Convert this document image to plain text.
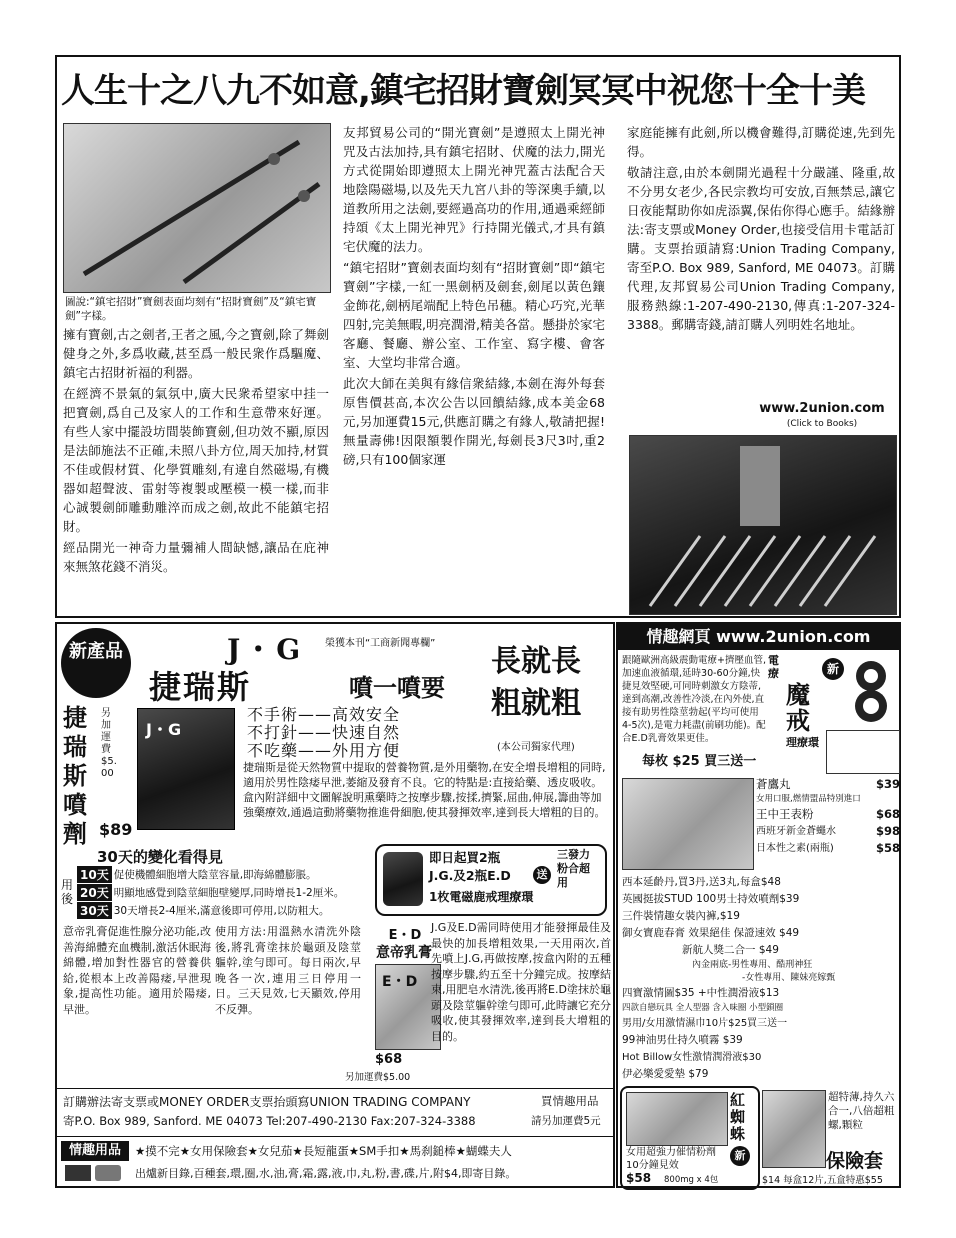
人生十之八九不如意,鎮宅招財寶劍冥冥中祝您十全十美
圖說:“鎮宅招財”寶劍表面均刻有“招財寶劍”及“鎮宅寶劍”字樣。

擁有寶劍,古之劍者,王者之風,今之寶劍,除了舞劍健身之外,多爲收藏,甚至爲一般民衆作爲驅魔、鎮宅古招財祈福的利器。

在經濟不景氣的氣氛中,廣大民衆希望家中挂一把寶劍,爲自己及家人的工作和生意帶來好運。有些人家中擺設坊間裝飾寶劍,但功效不顯,原因是法師施法不正確,未照八卦方位,周天加持,材質不佳或假材質、化學質雕刻,有違自然磁場,有機器如超聲波、雷射等複製或壓模一模一樣,而非心誠製劍師雕動雕淬而成之劍,故此不能鎮宅招財。

經品開光一神奇力量彌補人間缺憾,讓品在庇神來無煞花錢不消災。

友邦貿易公司的“開光寶劍”是遵照太上開光神咒及古法加持,具有鎮宅招財、伏魔的法力,開光方式從開始即遵照太上開光神咒蓋古法配合天地陰陽磁場,以及先天九宮八卦的等深奧手續,以道教所用之法劍,要經過高功的作用,通過乘經師持頌《太上開光神咒》行持開光儀式,才具有鎮宅伏魔的法力。

“鎮宅招財”寶劍表面均刻有“招財寶劍”即“鎮宅寶劍”字樣,一紅一黑劍柄及劍套,劍尾以黃色鑲金飾花,劍柄尾端配上特色吊穗。精心巧究,光華四射,完美無暇,明亮潤滑,精美各當。懸掛於家宅客廳、餐廳、辦公室、工作室、寫字樓、會客室、大堂均非常合適。

此次大師在美與有緣信衆結緣,本劍在海外每套原售價甚高,本次公告以回饋結緣,成本美金68元,另加運費15元,供應訂購之有緣人,敬請把握!無量壽佛!因限額製作開光,每劍長3尺3吋,重2磅,只有100個家運

家庭能擁有此劍,所以機會難得,訂購從速,先到先得。

敬請注意,由於本劍開光過程十分嚴謹、隆重,故不分男女老少,各民宗教均可安放,百無禁忌,讓它日夜能幫助你如虎添翼,保佑你得心應手。結緣辦法:寄支票或Money Order,也接受信用卡電話訂購。支票抬頭請寫:Union Trading Company,寄至P.O. Box 989, Sanford, ME 04073。訂購代理,友邦貿易公司Union Trading Company,服務熱線:1-207-490-2130,傳真:1-207-324-3388。郵購寄錢,請訂購人列明姓名地址。

www.2union.com
(Click to Books)
新產品	J・G 榮獲本刊“工商新聞專欄”
捷瑞斯	噴一噴要
長就長
粗就粗
捷瑞斯噴劑
另加運費$5.00
J・G
$89
不手術——高效安全
不打針——快速自然
不吃藥——外用方便	(本公司獨家代理)
捷瑞斯是從天然物質中提取的營養物質,是外用藥物,在安全增長增粗的同時,適用於男性陰痿早泄,萎縮及發育不良。它的特點是:直接給藥、透皮吸收。盒內附詳細中文圖解說明熏藥時之按摩步驟,按揉,擠緊,屈曲,伸展,籌曲等加強藥療效,通過這動將藥物推進骨細胞,使其發揮效率,達到長大增粗的目的。
30天的變化看得見
用後
10天 促使機體細胞增大陰莖容量,即海綿體膨脹。
20天 明顯地感覺到陰莖細胞壁變厚,同時增長1-2厘米。
30天 30天增長2-4厘米,滿意後即可停用,以防粗大。
即日起買2瓶
J.G.及2瓶E.D	送
1枚電磁鹿戒理療環
三發力粉合超用
意帝乳膏促進性腺分泌功能,改善海綿體充血機制,激活休眠海綿體,增加對性器官的營養供給,從根本上改善陽痿,早泄現象,提高性功能。適用於陽痿,早泄。
使用方法:用溫熱水清洗外陰後,將乳膏塗抹於龜頭及陰莖軀幹,塗勻即可。每日兩次,早晚各一次,連用三日停用一日。三天見效,七天顯效,停用不反彈。
E・D
意帝乳膏
E・D
$68
另加運費$5.00
J.G及E.D需同時使用才能發揮最佳及最快的加長增粗效果,一天用兩次,首先噴上J.G,再做按摩,按盒內附的五種按摩步驟,約五至十分鐘完成。按摩結束,用肥皂水清洗,後再將E.D塗抹於龜頭及陰莖軀幹塗勻即可,此時讓它充分吸收,使其發揮效率,達到長大增粗的目的。
訂購辦法寄支票或MONEY ORDER支票抬頭寫UNION TRADING COMPANY
寄P.O. Box 989, Sanford. ME 04073 Tel:207-490-2130 Fax:207-324-3388
買情趣用品
請另加運費5元
情趣用品	★摸不完★女用保險套★女兒茄★長短龍蛋★SM手扣★馬刹鎚棒★蝴蝶夫人
出爐新目錄,百種套,環,圈,水,油,膏,霜,露,液,巾,丸,粉,書,碟,片,附$4,即寄目錄。
情趣網頁 www.2union.com
跟隨歐洲高級震動電療+擠壓血管,加速血液循環,延時30-60分鐘,快捷見效堅硬,可同時刺激女方陰蒂,達到高潮,改善性冷淡,在內外使,直接有助男性陰莖勃起(平均可使用4-5次),是電力耗盡(前刷功能)。配合E.D乳膏效果更佳。
電療
魔戒
理療環
新
每枚 $25 買三送一
蒼鷹丸	$39
女用口服,燃情盟品特別進口
王中王表粉	$68
西班牙新金蒼蠅水	$98
日本性之素(兩瓶)	$58
西本延齡丹,買3丹,送3丸,每盒$48
英國挺拔STUD 100男士持效噴劑$39
三件裝情趣女裝內褲,$19
御女寶鹿春膏 效果絕佳 保證速效 $49
新航人獎二合一 $49
內金兩底-男性專用、酷刑神狂
-女性專用、陳妹亮嫁甄
四寶激情圖$35 +中性潤滑液$13
四款自戀玩具 全人型器 含入味圈 小型鎖圈
男用/女用激情濕巾10片$25買三送一
99神油男仕持久噴霧 $39
Hot Billow女性激情潤滑液$30
伊必樂愛愛墊 $79
紅蜘蛛
新
女用超強力催情粉劑10分鐘見效
$58 800mg x 4包
超特薄,持久六合一,八倍超粗螺,顆粒
保險套
$14 每盒12片,五盒特惠$55
